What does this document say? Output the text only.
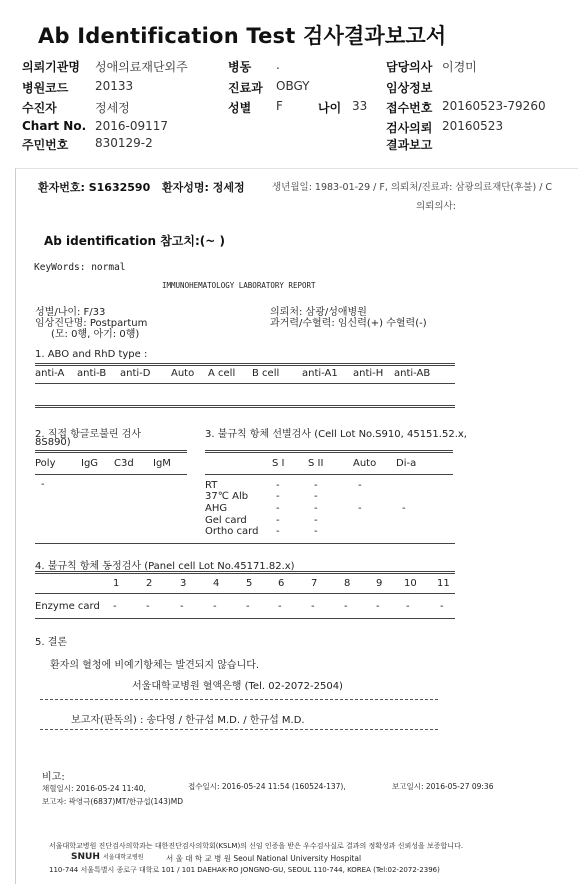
Ab Identification Test 검사결과보고서
의뢰기관명 성애의료재단외주	병동 .	담당의사 이경미
병원코드 20133	진료과 OBGY	임상정보
수진자	정세정	성별 F	나이 33 접수번호 20160523-79260
Chart No. 2016-09117	검사의뢰 20160523
주민번호 830129-2	결과보고
환자번호: S1632590 환자성명: 정세정	생년월일: 1983-01-29 / F, 의뢰처/진료과: 삼광의료재단(후불) / C
의뢰의사:
Ab identification 참고치:(~ )
KeyWords: normal
IMMUNOHEMATOLOGY LABORATORY REPORT
성별/나이: F/33
임상진단명: Postpartum
(모: 0헁, 아기: 0헁)
의뢰처: 삼광/성애병원
과거력/수혈력: 임신력(+) 수혈력(-)
1. ABO and RhD type :
anti-A anti-B anti-D Auto A cell B cell anti-A1 anti-H anti-AB
2. 직접 항글로불린 검사
8S890)
Poly	IgG C3d IgM
-
3. 불규칙 항체 선별검사 (Cell Lot No.S910, 45151.52.x,
S I S II	Auto Di-a
RT	-	-	-
37℃ Alb	-	-
AHG	-	-	-	-
Gel card	-	-
Ortho card -	-
4. 불규칙 항체 동정검사 (Panel cell Lot No.45171.82.x)
1	2	3	4	5	6	7	8	9 10 11
Enzyme card -	-	-	-	-	-	-	-	-	-	-
5. 결론
환자의 혈청에 비예기항체는 발견되지 않습니다.
서울대학교병원 혈액은행 (Tel. 02-2072-2504)
보고자(판독의) : 송다영 / 한규섭 M.D. / 한규섭 M.D.
비고:
채혈일시: 2016-05-24 11:40,	접수일시: 2016-05-24 11:54 (160524-137),	보고일시: 2016-05-27 09:36
보고자: 곽영극(6837)MT/한규섭(143)MD
서울대학교병원 진단검사의학과는 대한진단검사의학회(KSLM)의 신임 인증을 받은 우수검사실로 결과의 정확성과 신뢰성을 보증합니다.
SNUH 서울대학교병원	서 울 대 학 교 병 원 Seoul National University Hospital
110-744 서울특별시 종로구 대학로 101 / 101 DAEHAK-RO JONGNO-GU, SEOUL 110-744, KOREA (Tel:02-2072-2396)
